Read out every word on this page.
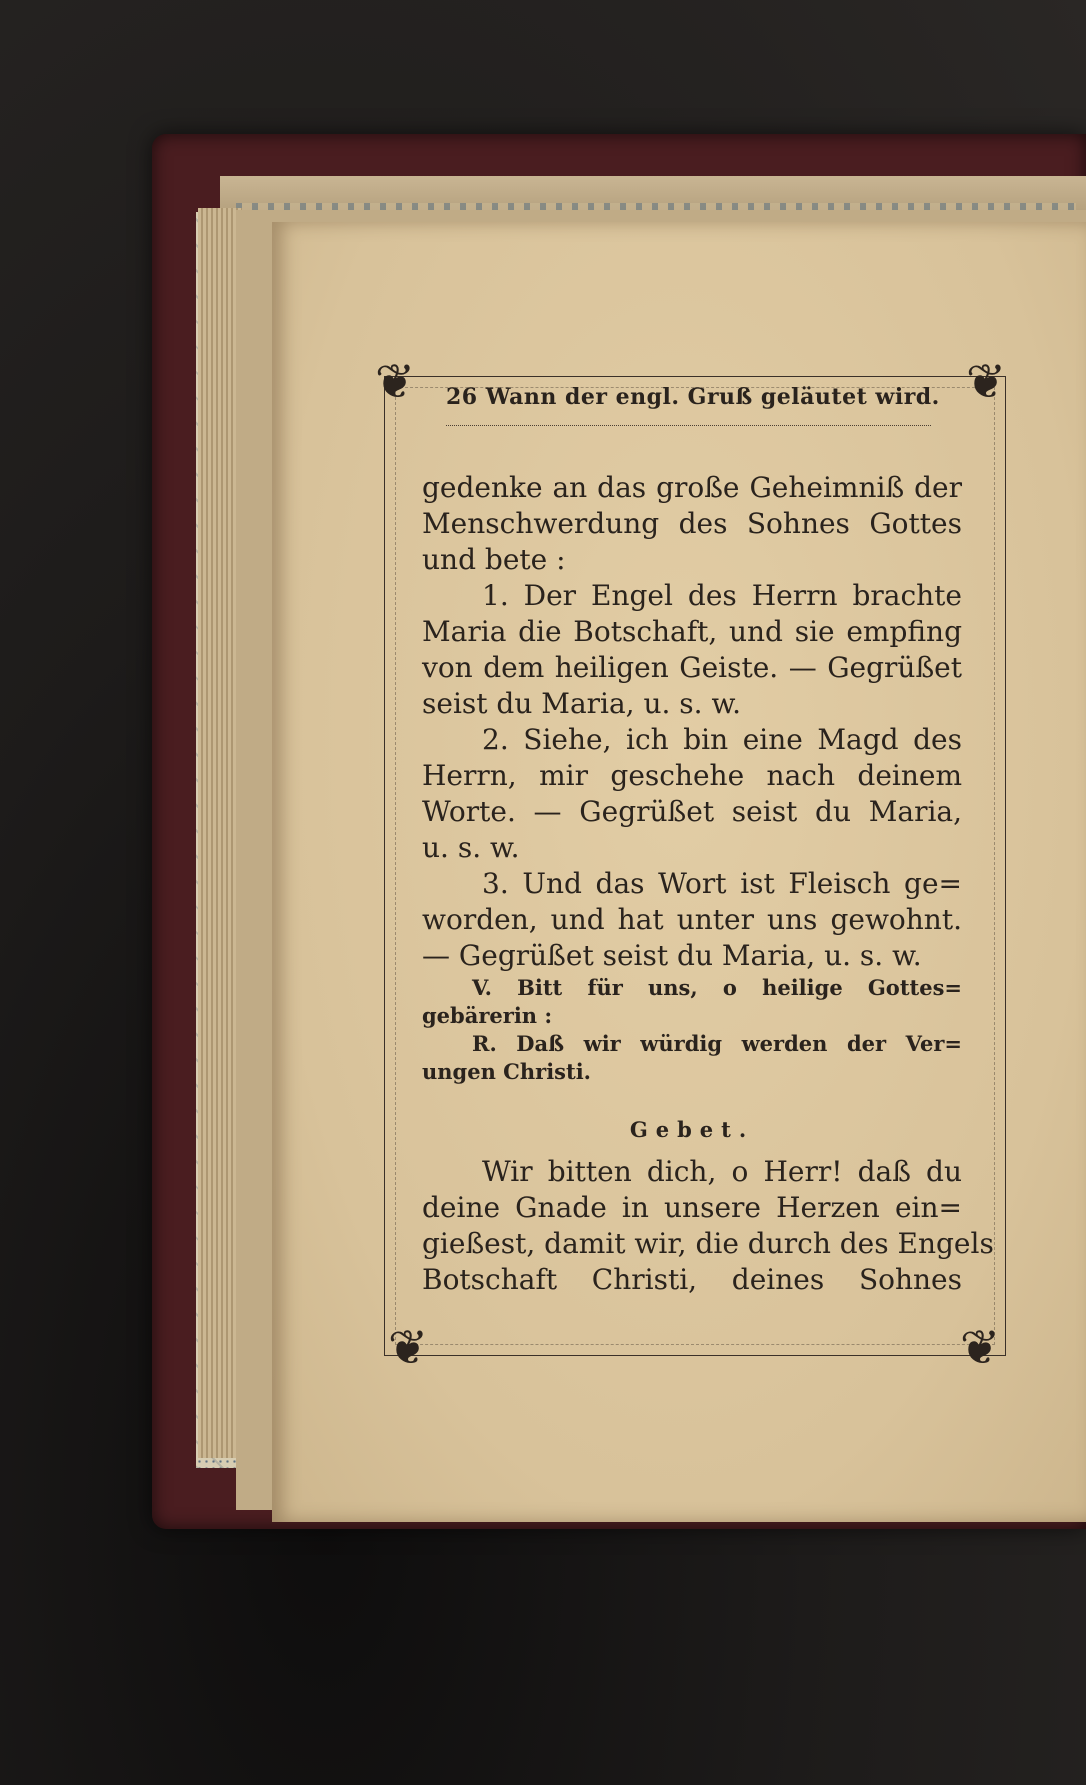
❦	❦
❦	❦
26 Wann der engl. Gruß geläutet wird.
gedenke an das große Geheimniß der
Menschwerdung des Sohnes Gottes
und bete :
1. Der Engel des Herrn brachte
Maria die Botschaft, und sie empfing
von dem heiligen Geiste. — Gegrüßet
seist du Maria, u. s. w.
2. Siehe, ich bin eine Magd des
Herrn, mir geschehe nach deinem
Worte. — Gegrüßet seist du Maria,
u. s. w.
3. Und das Wort ist Fleisch ge=
worden, und hat unter uns gewohnt.
— Gegrüßet seist du Maria, u. s. w.
V. Bitt für uns, o heilige Gottes=
gebärerin :
R. Daß wir würdig werden der Ver=
ungen Christi.
Gebet.
Wir bitten dich, o Herr! daß du
deine Gnade in unsere Herzen ein=
gießest, damit wir, die durch des Engels
Botschaft Christi, deines Sohnes
